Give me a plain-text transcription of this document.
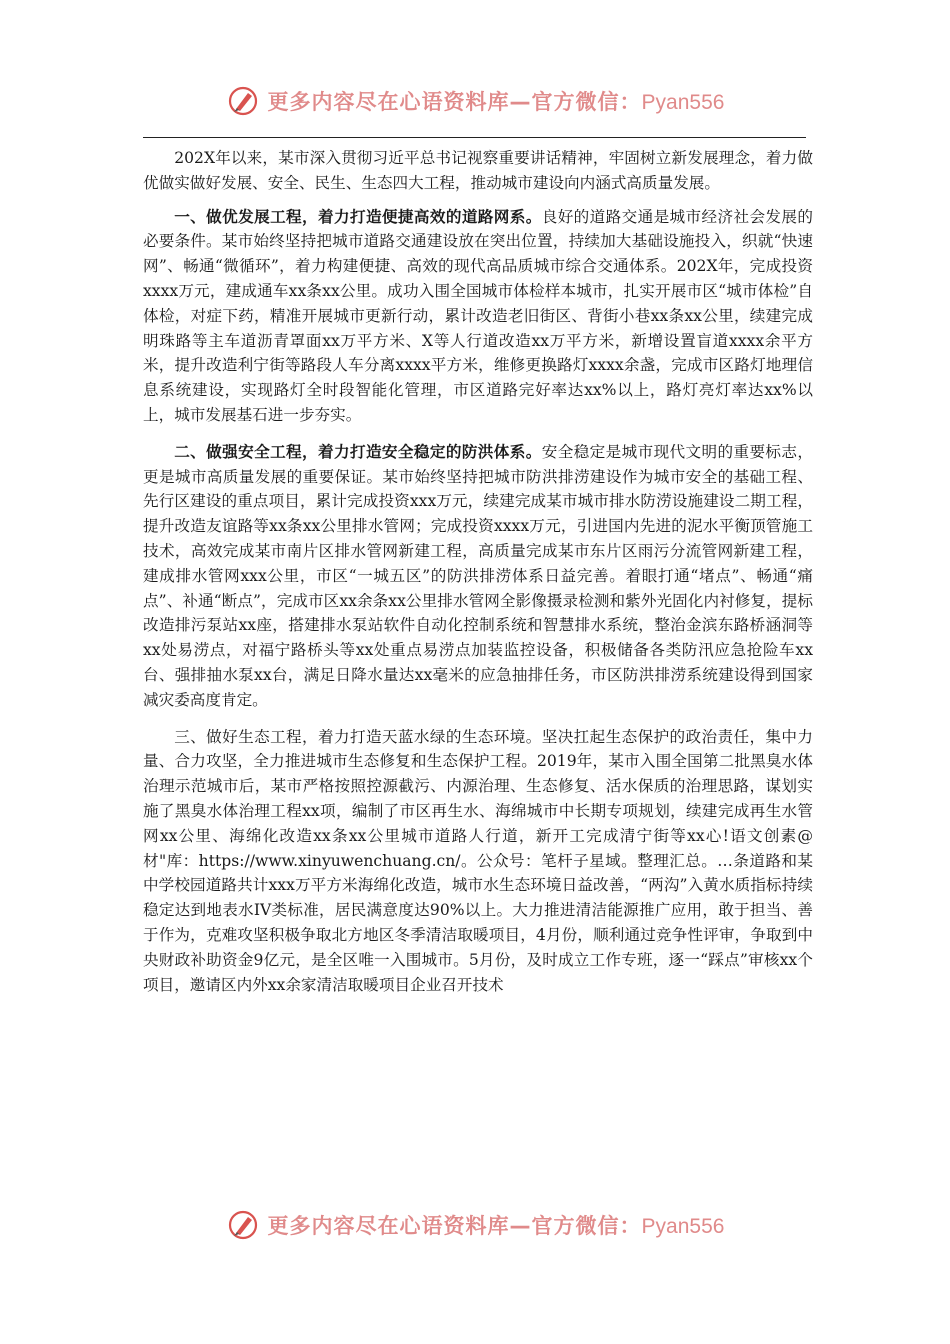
更多内容尽在心语资料库—官方微信：Pyan556

202X年以来，某市深入贯彻习近平总书记视察重要讲话精神，牢固树立新发展理念，着力做优做实做好发展、安全、民生、生态四大工程，推动城市建设向内涵式高质量发展。

一、做优发展工程，着力打造便捷高效的道路网系。良好的道路交通是城市经济社会发展的必要条件。某市始终坚持把城市道路交通建设放在突出位置，持续加大基础设施投入，织就“快速网”、畅通“微循环”，着力构建便捷、高效的现代高品质城市综合交通体系。202X年，完成投资xxxx万元，建成通车xx条xx公里。成功入围全国城市体检样本城市，扎实开展市区“城市体检”自体检，对症下药，精准开展城市更新行动，累计改造老旧街区、背街小巷xx条xx公里，续建完成明珠路等主车道沥青罩面xx万平方米、X等人行道改造xx万平方米，新增设置盲道xxxx余平方米，提升改造利宁街等路段人车分离xxxx平方米，维修更换路灯xxxx余盏，完成市区路灯地理信息系统建设，实现路灯全时段智能化管理，市区道路完好率达xx%以上，路灯亮灯率达xx%以上，城市发展基石进一步夯实。

二、做强安全工程，着力打造安全稳定的防洪体系。安全稳定是城市现代文明的重要标志，更是城市高质量发展的重要保证。某市始终坚持把城市防洪排涝建设作为城市安全的基础工程、先行区建设的重点项目，累计完成投资xxx万元，续建完成某市城市排水防涝设施建设二期工程，提升改造友谊路等xx条xx公里排水管网；完成投资xxxx万元，引进国内先进的泥水平衡顶管施工技术，高效完成某市南片区排水管网新建工程，高质量完成某市东片区雨污分流管网新建工程，建成排水管网xxx公里，市区“一城五区”的防洪排涝体系日益完善。着眼打通“堵点”、畅通“痛点”、补通“断点”，完成市区xx余条xx公里排水管网全影像摄录检测和紫外光固化内衬修复，提标改造排污泵站xx座，搭建排水泵站软件自动化控制系统和智慧排水系统，整治金滨东路桥涵洞等xx处易涝点，对福宁路桥头等xx处重点易涝点加装监控设备，积极储备各类防汛应急抢险车xx台、强排抽水泵xx台，满足日降水量达xx毫米的应急抽排任务，市区防洪排涝系统建设得到国家减灾委高度肯定。

三、做好生态工程，着力打造天蓝水绿的生态环境。坚决扛起生态保护的政治责任，集中力量、合力攻坚，全力推进城市生态修复和生态保护工程。2019年，某市入围全国第二批黑臭水体治理示范城市后，某市严格按照控源截污、内源治理、生态修复、活水保质的治理思路，谋划实施了黑臭水体治理工程xx项，编制了市区再生水、海绵城市中长期专项规划，续建完成再生水管网xx公里、海绵化改造xx条xx公里城市道路人行道，新开工完成清宁街等xx心!语文创素@材"库：https://www.xinyuwenchuang.cn/。公众号：笔杆子星域。整理汇总。…条道路和某中学校园道路共计xxx万平方米海绵化改造，城市水生态环境日益改善，“两沟”入黄水质指标持续稳定达到地表水IV类标准，居民满意度达90%以上。大力推进清洁能源推广应用，敢于担当、善于作为，克难攻坚积极争取北方地区冬季清洁取暖项目，4月份，顺利通过竞争性评审，争取到中央财政补助资金9亿元，是全区唯一入围城市。5月份，及时成立工作专班，逐一“踩点”审核xx个项目，邀请区内外xx余家清洁取暖项目企业召开技术

更多内容尽在心语资料库—官方微信：Pyan556
